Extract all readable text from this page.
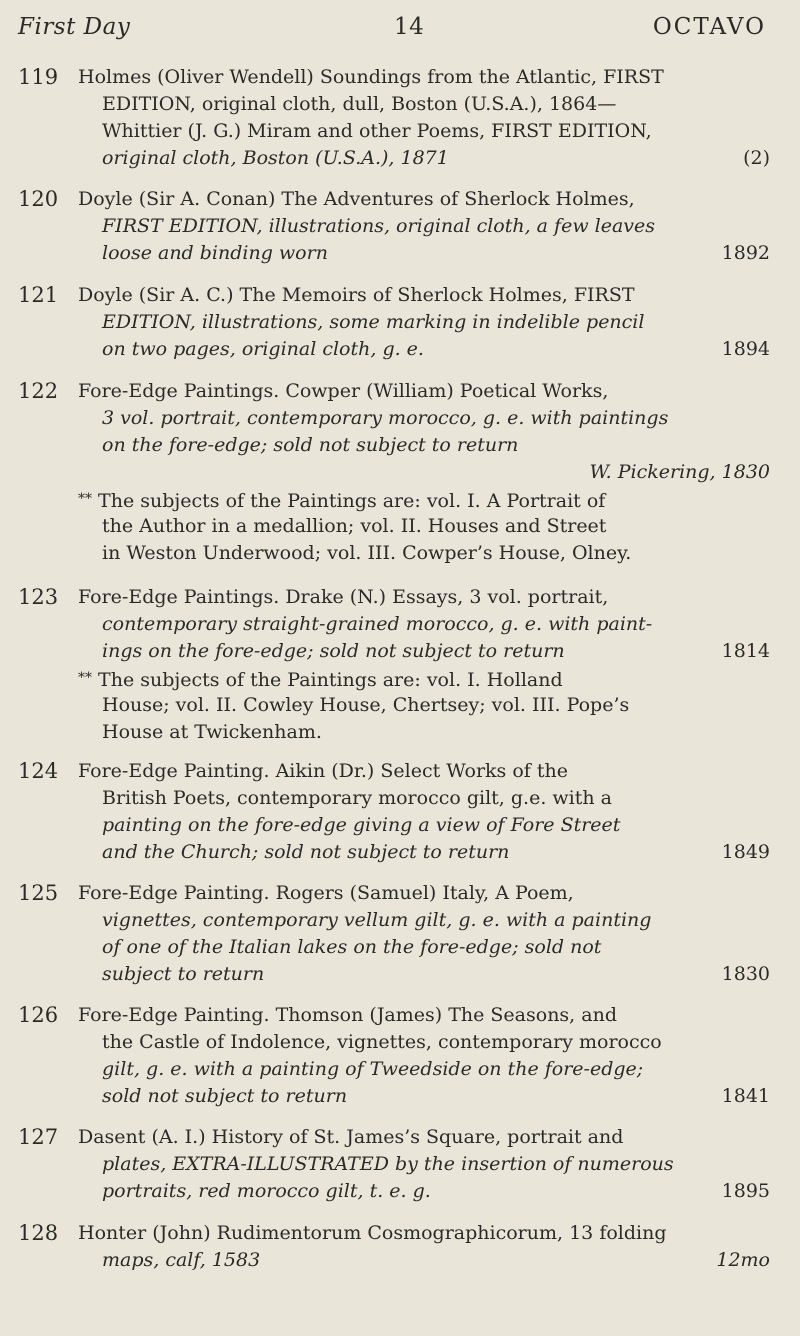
First Day	14	OCTAVO
119 Holmes (Oliver Wendell) Soundings from the Atlantic, FIRST
EDITION, original cloth, dull, Boston (U.S.A.), 1864—
Whittier (J. G.) Miram and other Poems, FIRST EDITION,
original cloth, Boston (U.S.A.), 1871	(2)
120 Doyle (Sir A. Conan) The Adventures of Sherlock Holmes,
FIRST EDITION, illustrations, original cloth, a few leaves
loose and binding worn	1892
121 Doyle (Sir A. C.) The Memoirs of Sherlock Holmes, FIRST
EDITION, illustrations, some marking in indelible pencil
on two pages, original cloth, g. e.	1894
122 Fore-Edge Paintings. Cowper (William) Poetical Works,
3 vol. portrait, contemporary morocco, g. e. with paintings
on the fore-edge; sold not subject to return
W. Pickering, 1830
** The subjects of the Paintings are: vol. I. A Portrait of
the Author in a medallion; vol. II. Houses and Street
in Weston Underwood; vol. III. Cowper’s House, Olney.
123 Fore-Edge Paintings. Drake (N.) Essays, 3 vol. portrait,
contemporary straight-grained morocco, g. e. with paint-
ings on the fore-edge; sold not subject to return	1814
** The subjects of the Paintings are: vol. I. Holland
House; vol. II. Cowley House, Chertsey; vol. III. Pope’s
House at Twickenham.
124 Fore-Edge Painting. Aikin (Dr.) Select Works of the
British Poets, contemporary morocco gilt, g.e. with a
painting on the fore-edge giving a view of Fore Street
and the Church; sold not subject to return	1849
125 Fore-Edge Painting. Rogers (Samuel) Italy, A Poem,
vignettes, contemporary vellum gilt, g. e. with a painting
of one of the Italian lakes on the fore-edge; sold not
subject to return	1830
126 Fore-Edge Painting. Thomson (James) The Seasons, and
the Castle of Indolence, vignettes, contemporary morocco
gilt, g. e. with a painting of Tweedside on the fore-edge;
sold not subject to return	1841
127 Dasent (A. I.) History of St. James’s Square, portrait and
plates, EXTRA-ILLUSTRATED by the insertion of numerous
portraits, red morocco gilt, t. e. g.	1895
128 Honter (John) Rudimentorum Cosmographicorum, 13 folding
maps, calf, 1583	12mo
